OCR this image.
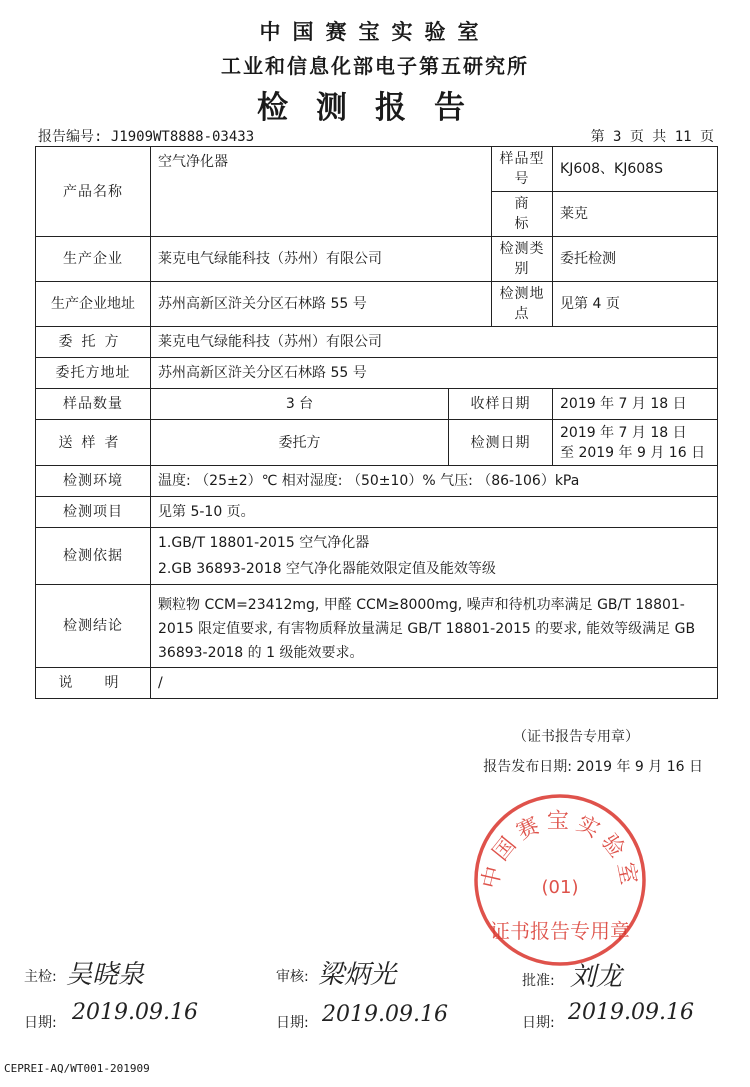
中国赛宝实验室
工业和信息化部电子第五研究所
检测报告
报告编号: J1909WT8888-03433	第 3 页 共 11 页
产品名称	空气净化器		样品型号	KJ608、KJ608S
			商　　标	莱克
生产企业	莱克电气绿能科技（苏州）有限公司		检测类别	委托检测
生产企业地址	苏州高新区浒关分区石林路 55 号		检测地点	见第 4 页
委托方	莱克电气绿能科技（苏州）有限公司			
委托方地址	苏州高新区浒关分区石林路 55 号			
样品数量	3 台	收样日期		2019 年 7 月 18 日
送样者	委托方	检测日期		2019 年 7 月 18 日
至 2019 年 9 月 16 日

检测环境	温度: （25±2）℃ 相对湿度: （50±10）% 气压: （86-106）kPa			
检测项目	见第 5-10 页。			
检测依据	1.GB/T 18801-2015 空气净化器
2.GB 36893-2018 空气净化器能效限定值及能效等级			

检测结论	颗粒物 CCM=23412mg, 甲醛 CCM≥8000mg, 噪声和待机功率满足 GB/T 18801-2015 限定值要求, 有害物质释放量满足 GB/T 18801-2015 的要求, 能效等级满足 GB 36893-2018 的 1 级能效要求。
（证书报告专用章）
报告发布日期: 2019 年 9 月 16 日			

说　明	/			
中国赛宝实验室
(01)
证书报告专用章
主检: 吴晓泉	审核: 梁炳光	批准: 刘龙
日期: 2019.09.16	日期: 2019.09.16	日期: 2019.09.16
CEPREI-AQ/WT001-201909
